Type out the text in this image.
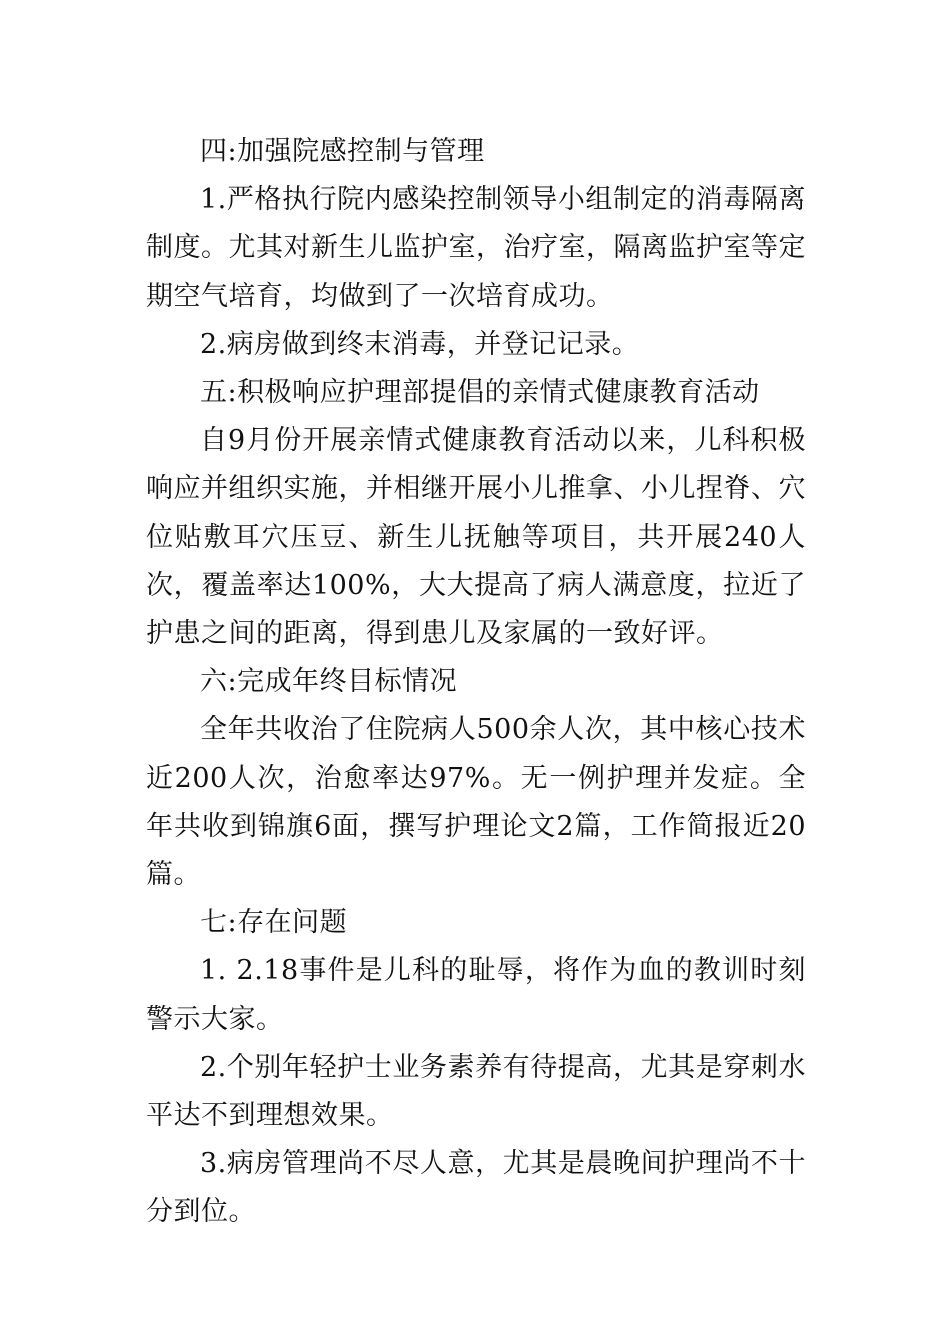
四:加强院感控制与管理

1.严格执行院内感染控制领导小组制定的消毒隔离制度。尤其对新生儿监护室，治疗室，隔离监护室等定期空气培育，均做到了一次培育成功。

2.病房做到终末消毒，并登记记录。

五:积极响应护理部提倡的亲情式健康教育活动

自9月份开展亲情式健康教育活动以来，儿科积极响应并组织实施，并相继开展小儿推拿、小儿捏脊、穴位贴敷耳穴压豆、新生儿抚触等项目，共开展240人次，覆盖率达100%，大大提高了病人满意度，拉近了护患之间的距离，得到患儿及家属的一致好评。

六:完成年终目标情况

全年共收治了住院病人500余人次，其中核心技术近200人次，治愈率达97%。无一例护理并发症。全年共收到锦旗6面，撰写护理论文2篇，工作简报近20篇。

七:存在问题

1. 2.18事件是儿科的耻辱，将作为血的教训时刻警示大家。

2.个别年轻护士业务素养有待提高，尤其是穿刺水平达不到理想效果。

3.病房管理尚不尽人意，尤其是晨晚间护理尚不十分到位。
